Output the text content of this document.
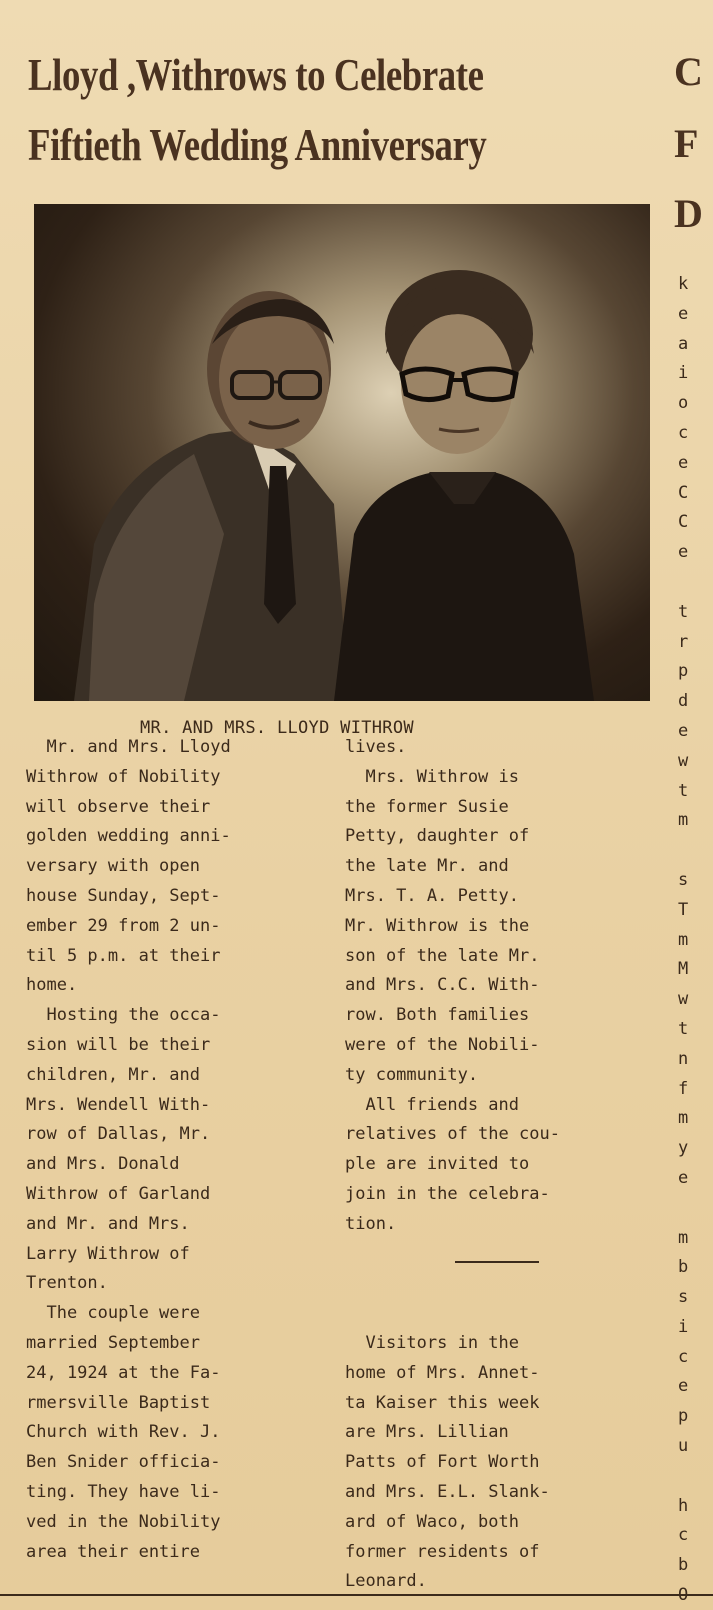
Lloyd ,Withrows to Celebrate
Fiftieth Wedding Anniversary
MR. AND MRS. LLOYD WITHROW
Mr. and Mrs. Lloyd
Withrow of Nobility
will observe their
golden wedding anni-
versary with open
house Sunday, Sept-
ember 29 from 2 un-
til 5 p.m. at their
home.
Hosting the occa-
sion will be their
children, Mr. and
Mrs. Wendell With-
row of Dallas, Mr.
and Mrs. Donald
Withrow of Garland
and Mr. and Mrs.
Larry Withrow of
Trenton.
The couple were
married September
24, 1924 at the Fa-
rmersville Baptist
Church with Rev. J.
Ben Snider officia-
ting. They have li-
ved in the Nobility
area their entire
lives.
Mrs. Withrow is
the former Susie
Petty, daughter of
the late Mr. and
Mrs. T. A. Petty.
Mr. Withrow is the
son of the late Mr.
and Mrs. C.C. With-
row. Both families
were of the Nobili-
ty community.
All friends and
relatives of the cou-
ple are invited to
join in the celebra-
tion.

Visitors in the
home of Mrs. Annet-
ta Kaiser this week
are Mrs. Lillian
Patts of Fort Worth
and Mrs. E.L. Slank-
ard of Waco, both
former residents of
Leonard.
C
F
D
k
e
a
i
o
c
e
C
C
e

t
r
p
d
e
w
t
m

s
T
m
M
w
t
n
f
m
y
e

m
b
s
i
c
e
p
u

h
c
b
O
